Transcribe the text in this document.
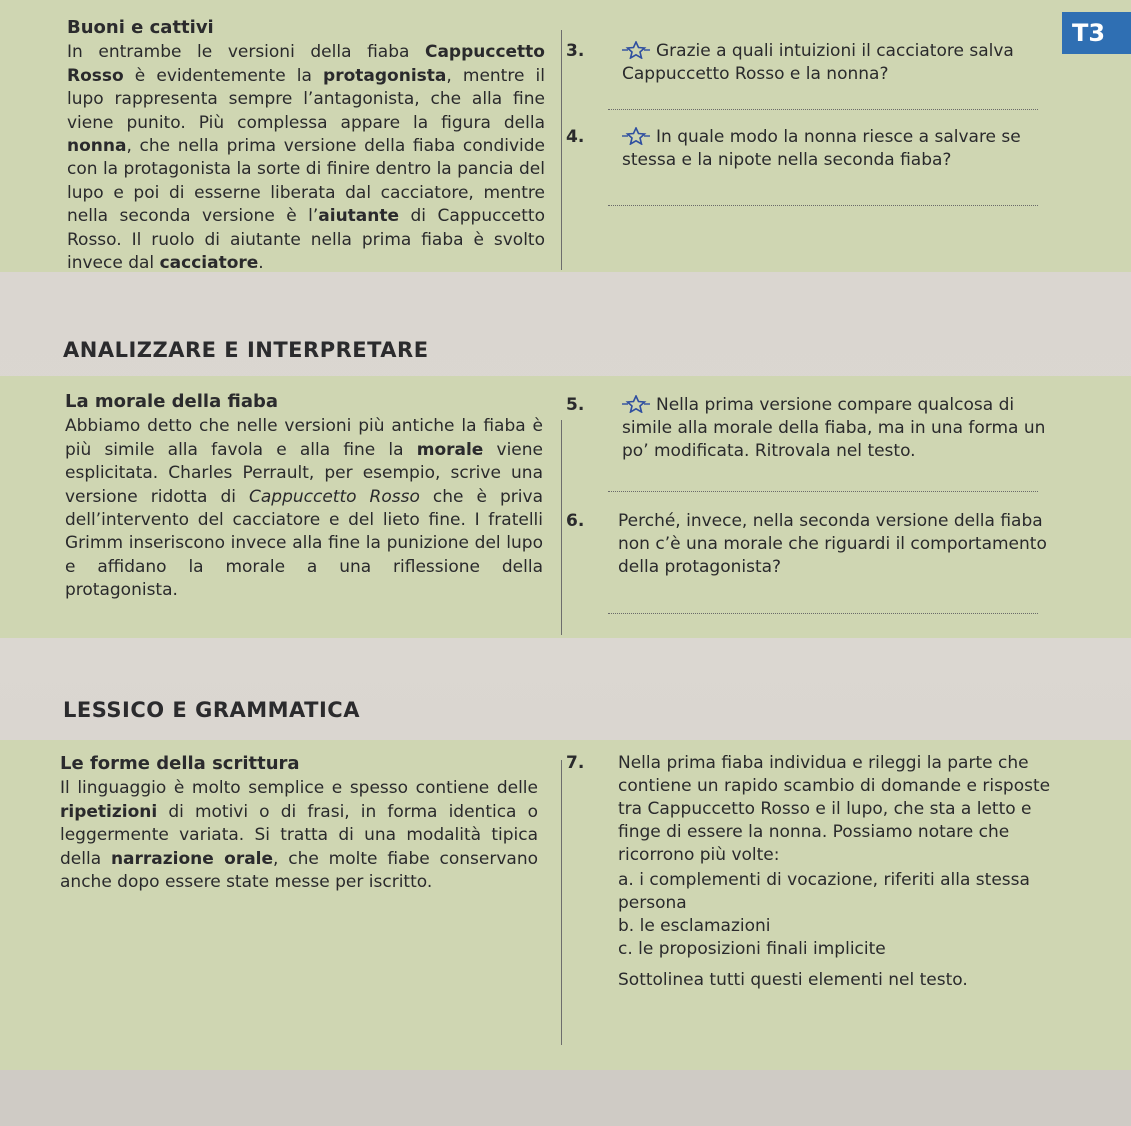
T3
Buoni e cattivi
In entrambe le versioni della fiaba Cappuccetto Rosso è evidentemente la protagonista, mentre il lupo rappresenta sempre l’antagonista, che alla fine viene punito. Più complessa appare la figura della nonna, che nella prima versione della fiaba condivide con la protagonista la sorte di finire dentro la pancia del lupo e poi di esserne liberata dal cacciatore, mentre nella seconda versione è l’aiutante di Cappuccetto Rosso. Il ruolo di aiutante nella prima fiaba è svolto invece dal cacciatore.
3.	Grazie a quali intuizioni il cacciatore salva Cappuccetto Rosso e la nonna?
4.	In quale modo la nonna riesce a salvare se stessa e la nipote nella seconda fiaba?
ANALIZZARE E INTERPRETARE
La morale della fiaba
Abbiamo detto che nelle versioni più antiche la fiaba è più simile alla favola e alla fine la morale viene esplicitata. Charles Perrault, per esempio, scrive una versione ridotta di Cappuccetto Rosso che è priva dell’intervento del cacciatore e del lieto fine. I fratelli Grimm inseriscono invece alla fine la punizione del lupo e affidano la morale a una riflessione della protagonista.
5.	Nella prima versione compare qualcosa di simile alla morale della fiaba, ma in una forma un po’ modificata. Ritrovala nel testo.
6. Perché, invece, nella seconda versione della fiaba non c’è una morale che riguardi il comportamento della protagonista?
LESSICO E GRAMMATICA
Le forme della scrittura
Il linguaggio è molto semplice e spesso contiene delle ripetizioni di motivi o di frasi, in forma identica o leggermente variata. Si tratta di una modalità tipica della narrazione orale, che molte fiabe conservano anche dopo essere state messe per iscritto.
7. Nella prima fiaba individua e rileggi la parte che contiene un rapido scambio di domande e risposte tra Cappuccetto Rosso e il lupo, che sta a letto e finge di essere la nonna. Possiamo notare che ricorrono più volte:
a. i complementi di vocazione, riferiti alla stessa persona
b. le esclamazioni
c. le proposizioni finali implicite
Sottolinea tutti questi elementi nel testo.
